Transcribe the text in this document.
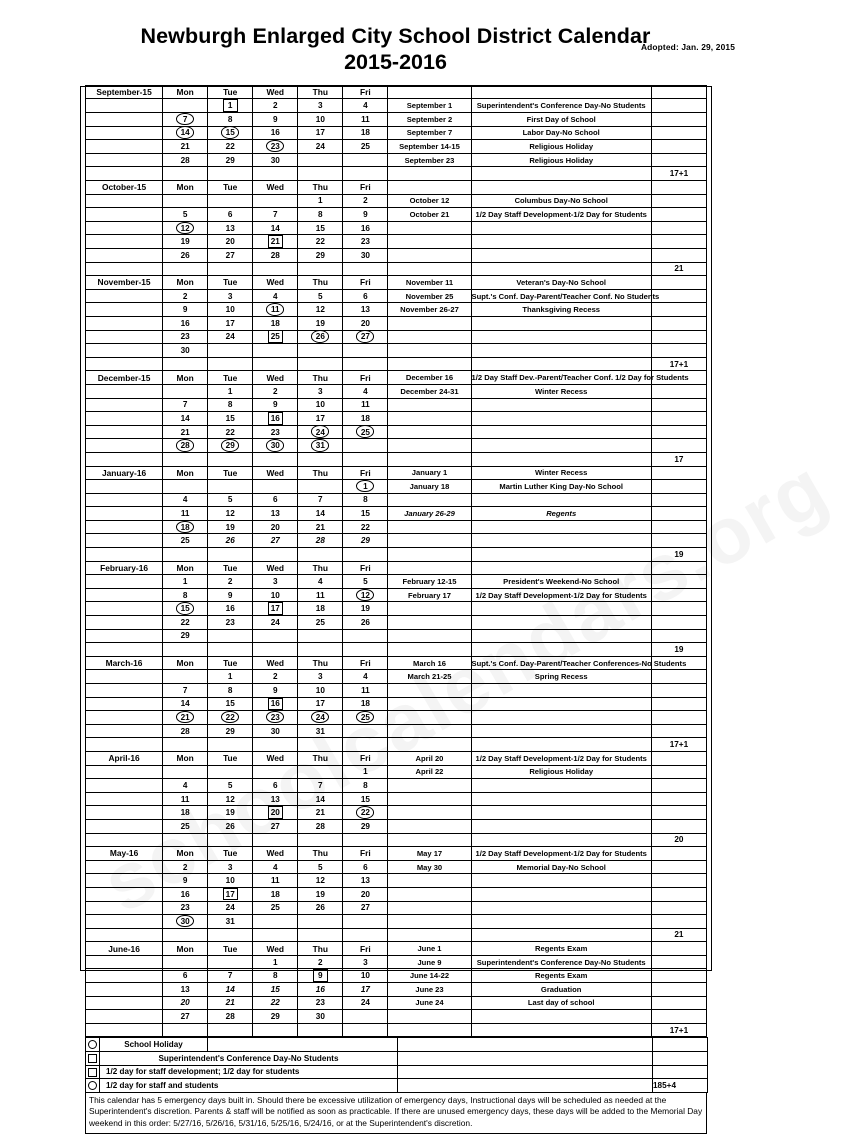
Newburgh Enlarged City School District Calendar
2015-2016
Adopted: Jan. 29, 2015
September-15	Mon	Tue	Wed	Thu	Fri			
		1	2	3	4	September 1	Superintendent's Conference Day-No Students	
	7	8	9	10	11	September 2	First Day of School	
	14	15	16	17	18	September 7	Labor Day-No School	
	21	22	23	24	25	September 14-15	Religious Holiday	
	28	29	30			September 23	Religious Holiday	
								17+1
October-15	Mon	Tue	Wed	Thu	Fri			
				1	2	October 12	Columbus Day-No School	
	5	6	7	8	9	October 21	1/2 Day Staff Development-1/2 Day for Students	
	12	13	14	15	16			
	19	20	21	22	23			
	26	27	28	29	30			
								21
November-15	Mon	Tue	Wed	Thu	Fri	November 11	Veteran's Day-No School	
	2	3	4	5	6	November 25	Supt.'s Conf. Day-Parent/Teacher Conf. No Students	
	9	10	11	12	13	November 26-27	Thanksgiving Recess	
	16	17	18	19	20			
	23	24	25	26	27			
	30							
								17+1
December-15	Mon	Tue	Wed	Thu	Fri	December 16	1/2 Day Staff Dev.-Parent/Teacher Conf. 1/2 Day for Students	
		1	2	3	4	December 24-31	Winter Recess	
	7	8	9	10	11			
	14	15	16	17	18			
	21	22	23	24	25			
	28	29	30	31				
								17
January-16	Mon	Tue	Wed	Thu	Fri	January 1	Winter Recess	
					1	January 18	Martin Luther King Day-No School	
	4	5	6	7	8			
	11	12	13	14	15	January 26-29	Regents	
	18	19	20	21	22			
	25	26	27	28	29			
								19
February-16	Mon	Tue	Wed	Thu	Fri			
	1	2	3	4	5	February 12-15	President's Weekend-No School	
	8	9	10	11	12	February 17	1/2 Day Staff Development-1/2 Day for Students	
	15	16	17	18	19			
	22	23	24	25	26			
	29							
								19
March-16	Mon	Tue	Wed	Thu	Fri	March 16	Supt.'s Conf. Day-Parent/Teacher Conferences-No Students	
		1	2	3	4	March 21-25	Spring Recess	
	7	8	9	10	11			
	14	15	16	17	18			
	21	22	23	24	25			
	28	29	30	31				
								17+1
April-16	Mon	Tue	Wed	Thu	Fri	April 20	1/2 Day Staff Development-1/2 Day for Students	
					1	April 22	Religious Holiday	
	4	5	6	7	8			
	11	12	13	14	15			
	18	19	20	21	22			
	25	26	27	28	29			
								20
May-16	Mon	Tue	Wed	Thu	Fri	May 17	1/2 Day Staff Development-1/2 Day for Students	
	2	3	4	5	6	May 30	Memorial Day-No School	
	9	10	11	12	13			
	16	17	18	19	20			
	23	24	25	26	27			
	30	31						
								21
June-16	Mon	Tue	Wed	Thu	Fri	June 1	Regents Exam	
			1	2	3	June 9	Superintendent's Conference Day-No Students	
	6	7	8	9	10	June 14-22	Regents Exam	
	13	14	15	16	17	June 23	Graduation	
	20	21	22	23	24	June 24	Last day of school	
	27	28	29	30				
								17+1
	School Holiday			
	Superintendent's Conference Day-No Students			
	1/2 day for staff development; 1/2 day for students			
	1/2 day for staff and students			185+4
This calendar has 5 emergency days built in. Should there be excessive utilization of emergency days, Instructional days will be scheduled as needed at the Superintendent's discretion. Parents & staff will be notified as soon as practicable. If there are unused emergency days, these days will be added to the Memorial Day weekend in this order: 5/27/16, 5/26/16, 5/31/16, 5/25/16, 5/24/16, or at the Superintendent's discretion.
